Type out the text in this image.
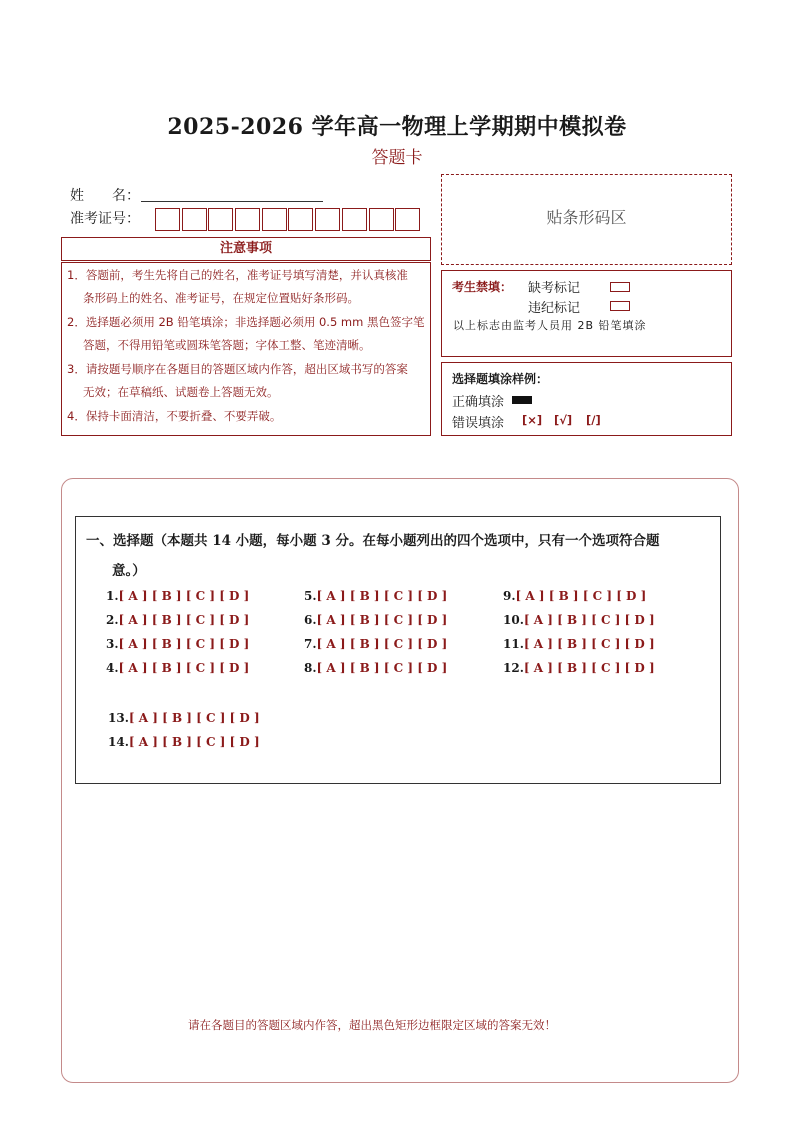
2025-2026 学年高一物理上学期期中模拟卷
答题卡
姓　　名：
准考证号：
注意事项
1．答题前，考生先将自己的姓名，准考证号填写清楚，并认真核准
条形码上的姓名、准考证号，在规定位置贴好条形码。
2．选择题必须用 2B 铅笔填涂；非选择题必须用 0.5 mm 黑色签字笔
答题，不得用铅笔或圆珠笔答题；字体工整、笔迹清晰。
3．请按题号顺序在各题目的答题区域内作答，超出区域书写的答案
无效；在草稿纸、试题卷上答题无效。
4．保持卡面清洁，不要折叠、不要弄破。
贴条形码区
考生禁填： 缺考标记
违纪标记
以上标志由监考人员用 2B 铅笔填涂
选择题填涂样例：
正确填涂
错误填涂 [×] [√] [/]
一、选择题（本题共 14 小题，每小题 3 分。在每小题列出的四个选项中，只有一个选项符合题
意。）
1.[ A ] [ B ] [ C ] [ D ]
2.[ A ] [ B ] [ C ] [ D ]
3.[ A ] [ B ] [ C ] [ D ]
4.[ A ] [ B ] [ C ] [ D ]
5.[ A ] [ B ] [ C ] [ D ]
6.[ A ] [ B ] [ C ] [ D ]
7.[ A ] [ B ] [ C ] [ D ]
8.[ A ] [ B ] [ C ] [ D ]
9.[ A ] [ B ] [ C ] [ D ]
10.[ A ] [ B ] [ C ] [ D ]
11.[ A ] [ B ] [ C ] [ D ]
12.[ A ] [ B ] [ C ] [ D ]
13.[ A ] [ B ] [ C ] [ D ]
14.[ A ] [ B ] [ C ] [ D ]
请在各题目的答题区域内作答，超出黑色矩形边框限定区域的答案无效！
